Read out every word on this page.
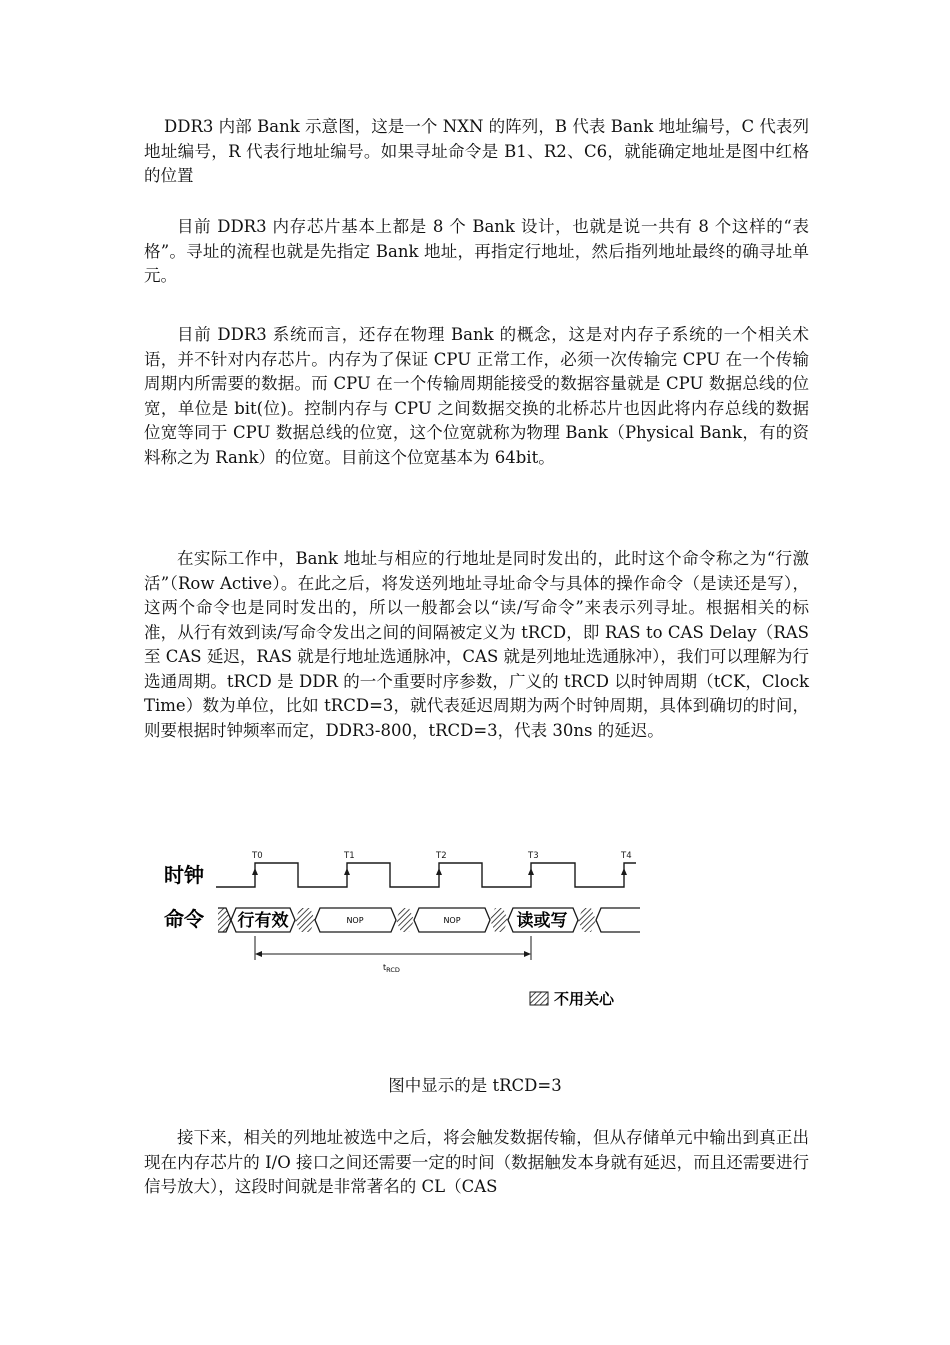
DDR3 内部 Bank 示意图，这是一个 NXN 的阵列，B 代表 Bank 地址编号，C 代表列地址编号，R 代表行地址编号。如果寻址命令是 B1、R2、C6，就能确定地址是图中红格的位置

目前 DDR3 内存芯片基本上都是 8 个 Bank 设计，也就是说一共有 8 个这样的“表格”。寻址的流程也就是先指定 Bank 地址，再指定行地址，然后指列地址最终的确寻址单元。

目前 DDR3 系统而言，还存在物理 Bank 的概念，这是对内存子系统的一个相关术语，并不针对内存芯片。内存为了保证 CPU 正常工作，必须一次传输完 CPU 在一个传输周期内所需要的数据。而 CPU 在一个传输周期能接受的数据容量就是 CPU 数据总线的位宽，单位是 bit(位)。控制内存与 CPU 之间数据交换的北桥芯片也因此将内存总线的数据位宽等同于 CPU 数据总线的位宽，这个位宽就称为物理 Bank（Physical Bank，有的资料称之为 Rank）的位宽。目前这个位宽基本为 64bit。

在实际工作中，Bank 地址与相应的行地址是同时发出的，此时这个命令称之为“行激活”（Row Active）。在此之后，将发送列地址寻址命令与具体的操作命令（是读还是写），这两个命令也是同时发出的，所以一般都会以“读/写命令”来表示列寻址。根据相关的标准，从行有效到读/写命令发出之间的间隔被定义为 tRCD，即 RAS to CAS Delay（RAS 至 CAS 延迟，RAS 就是行地址选通脉冲，CAS 就是列地址选通脉冲），我们可以理解为行选通周期。tRCD 是 DDR 的一个重要时序参数，广义的 tRCD 以时钟周期（tCK，Clock Time）数为单位，比如 tRCD=3，就代表延迟周期为两个时钟周期，具体到确切的时间，则要根据时钟频率而定，DDR3-800，tRCD=3，代表 30ns 的延迟。

时钟
命令
T0	T1	T2	T3	T4
行有效	NOP	NOP	读或写
$t_{RCD}$
不用关心
图中显示的是 tRCD=3

接下来，相关的列地址被选中之后，将会触发数据传输，但从存储单元中输出到真正出现在内存芯片的 I/O 接口之间还需要一定的时间（数据触发本身就有延迟，而且还需要进行信号放大），这段时间就是非常著名的 CL（CAS
